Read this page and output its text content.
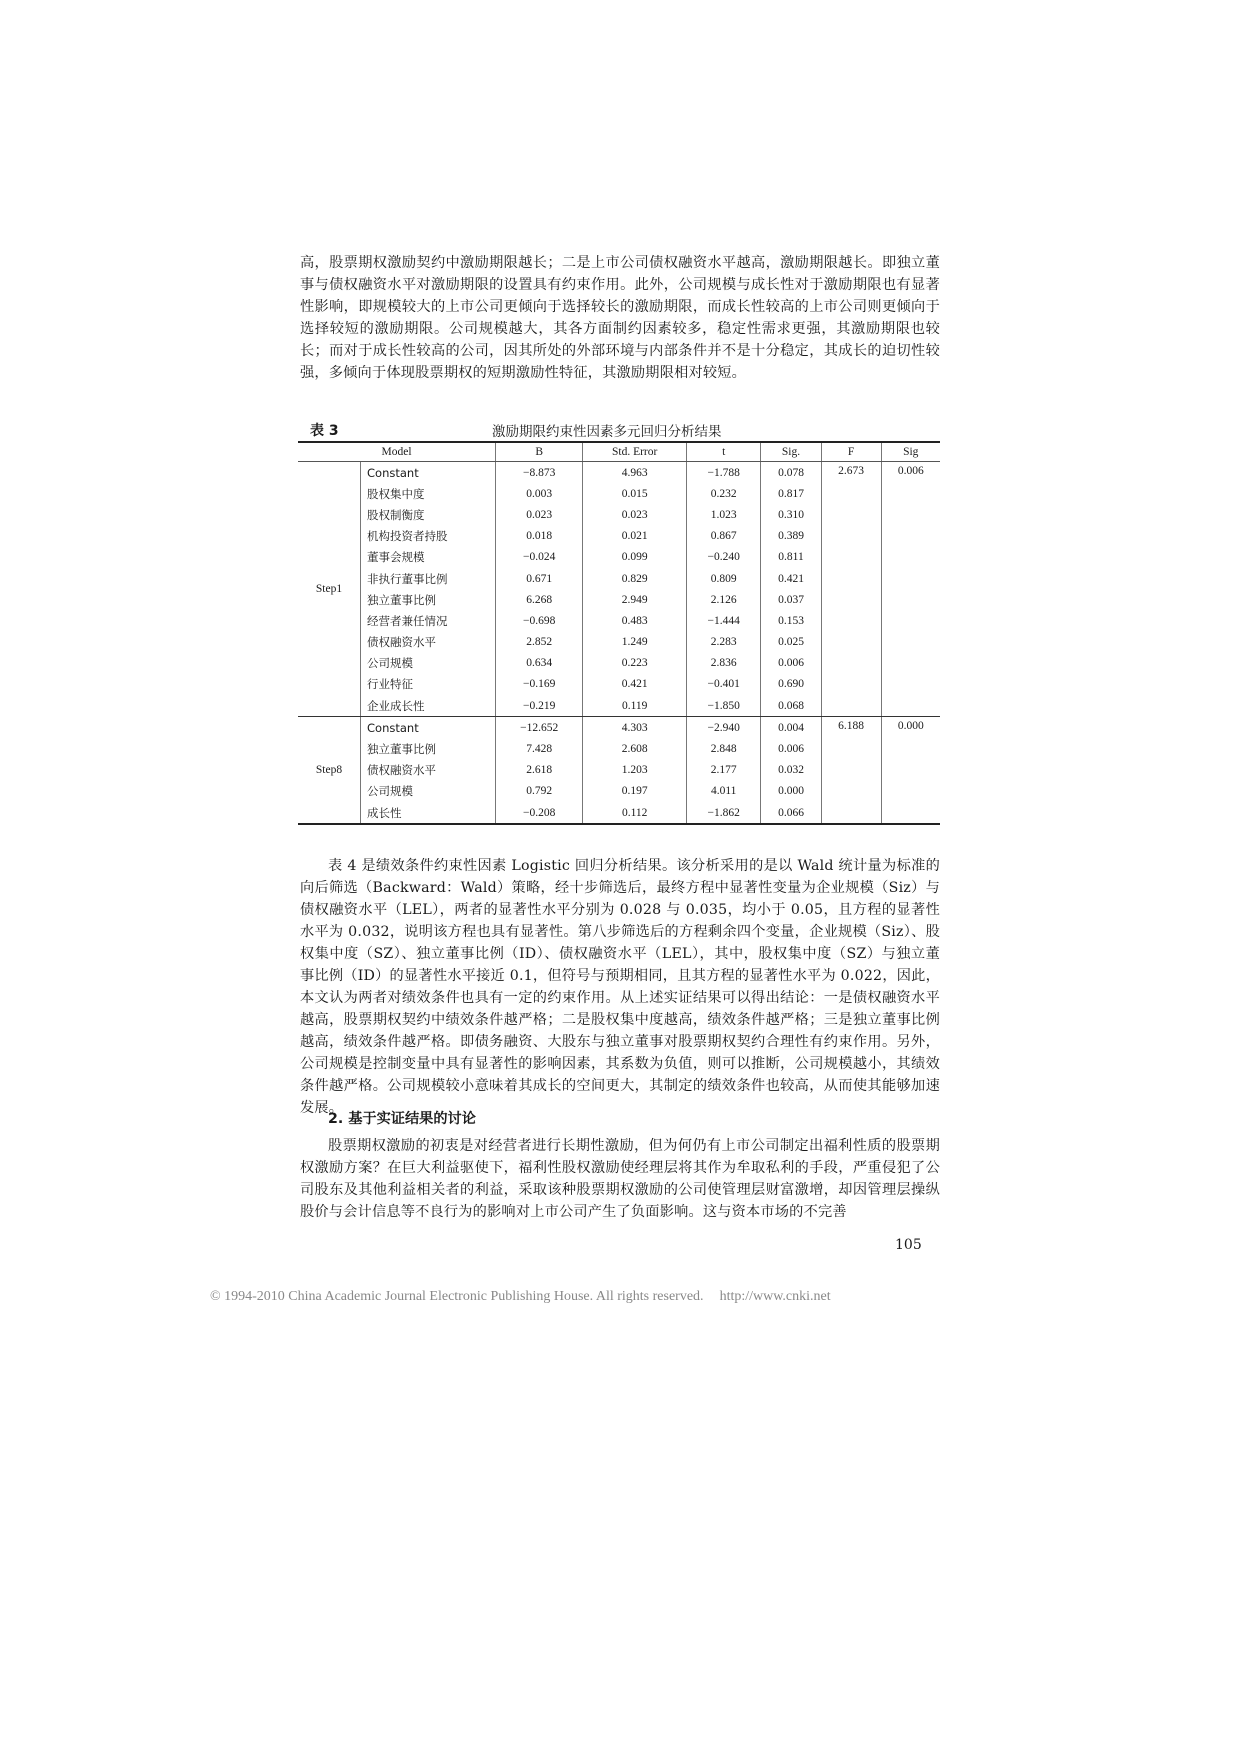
高，股票期权激励契约中激励期限越长；二是上市公司债权融资水平越高，激励期限越长。即独立董事与债权融资水平对激励期限的设置具有约束作用。此外，公司规模与成长性对于激励期限也有显著性影响，即规模较大的上市公司更倾向于选择较长的激励期限，而成长性较高的上市公司则更倾向于选择较短的激励期限。公司规模越大，其各方面制约因素较多，稳定性需求更强，其激励期限也较长；而对于成长性较高的公司，因其所处的外部环境与内部条件并不是十分稳定，其成长的迫切性较强，多倾向于体现股票期权的短期激励性特征，其激励期限相对较短。
表 3	激励期限约束性因素多元回归分析结果
Model		B	Std. Error	t	Sig.	F	Sig
Step1	Constant	−8.873	4.963	−1.788	0.078	2.673	0.006
	股权集中度	0.003	0.015	0.232	0.817		
	股权制衡度	0.023	0.023	1.023	0.310		
	机构投资者持股	0.018	0.021	0.867	0.389		
	董事会规模	−0.024	0.099	−0.240	0.811		
	非执行董事比例	0.671	0.829	0.809	0.421		
	独立董事比例	6.268	2.949	2.126	0.037		
	经营者兼任情况	−0.698	0.483	−1.444	0.153		
	债权融资水平	2.852	1.249	2.283	0.025		
	公司规模	0.634	0.223	2.836	0.006		
	行业特征	−0.169	0.421	−0.401	0.690		
	企业成长性	−0.219	0.119	−1.850	0.068		
Step8	Constant	−12.652	4.303	−2.940	0.004	6.188	0.000
	独立董事比例	7.428	2.608	2.848	0.006		
	债权融资水平	2.618	1.203	2.177	0.032		
	公司规模	0.792	0.197	4.011	0.000		
	成长性	−0.208	0.112	−1.862	0.066		
表 4 是绩效条件约束性因素 Logistic 回归分析结果。该分析采用的是以 Wald 统计量为标准的向后筛选（Backward：Wald）策略，经十步筛选后，最终方程中显著性变量为企业规模（Siz）与债权融资水平（LEL），两者的显著性水平分别为 0.028 与 0.035，均小于 0.05，且方程的显著性水平为 0.032，说明该方程也具有显著性。第八步筛选后的方程剩余四个变量，企业规模（Siz）、股权集中度（SZ）、独立董事比例（ID）、债权融资水平（LEL），其中，股权集中度（SZ）与独立董事比例（ID）的显著性水平接近 0.1，但符号与预期相同，且其方程的显著性水平为 0.022，因此，本文认为两者对绩效条件也具有一定的约束作用。从上述实证结果可以得出结论：一是债权融资水平越高，股票期权契约中绩效条件越严格；二是股权集中度越高，绩效条件越严格；三是独立董事比例越高，绩效条件越严格。即债务融资、大股东与独立董事对股票期权契约合理性有约束作用。另外，公司规模是控制变量中具有显著性的影响因素，其系数为负值，则可以推断，公司规模越小，其绩效条件越严格。公司规模较小意味着其成长的空间更大，其制定的绩效条件也较高，从而使其能够加速发展。
2. 基于实证结果的讨论
股票期权激励的初衷是对经营者进行长期性激励，但为何仍有上市公司制定出福利性质的股票期权激励方案？在巨大利益驱使下，福利性股权激励使经理层将其作为牟取私利的手段，严重侵犯了公司股东及其他利益相关者的利益，采取该种股票期权激励的公司使管理层财富激增，却因管理层操纵股价与会计信息等不良行为的影响对上市公司产生了负面影响。这与资本市场的不完善
105
© 1994-2010 China Academic Journal Electronic Publishing House. All rights reserved. http://www.cnki.net
